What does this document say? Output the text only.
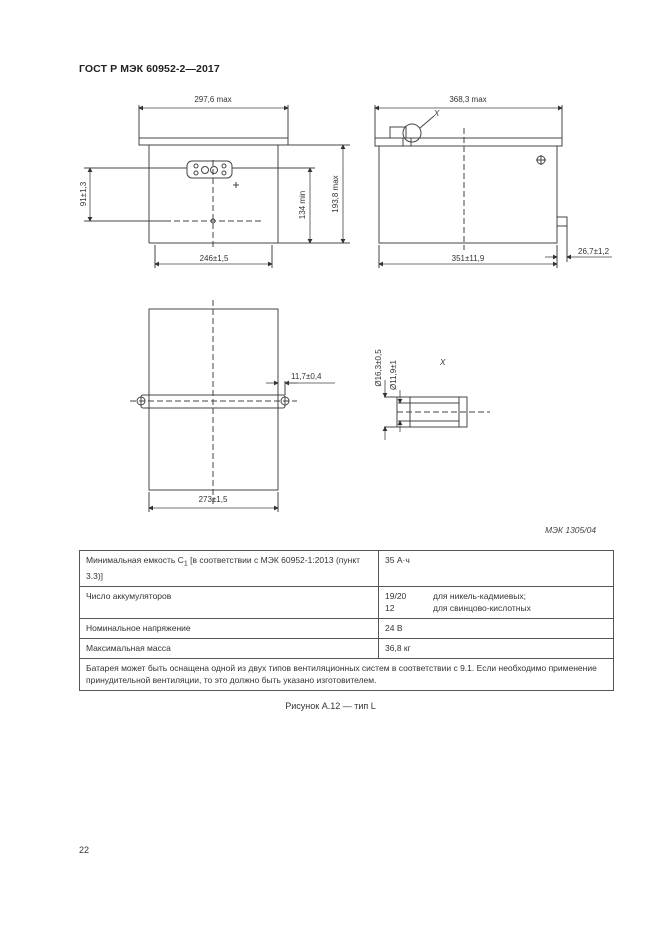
ГОСТ Р МЭК 60952-2—2017
297,6 max
246±1,5
91±1,3	134 min	193,8 max
368,3 max
X
351±11,9
26,7±1,2
11,7±0,4
273±1,5
X
Ø16,3±0,5 Ø11,9±1
МЭК 1305/04
Минимальная емкость $C_1$ [в соответствии с МЭК 60952-1:2013 (пункт 3.3)]	35 А·ч
Число аккумуляторов	19/20 для никель-кадмиевых;
12 для свинцово-кислотных

Номинальное напряжение	24 В
Максимальная масса	36,8 кг
Батарея может быть оснащена одной из двух типов вентиляционных систем в соответствии с 9.1. Если необходимо применение принудительной вентиляции, то это должно быть указано изготовителем.	
Рисунок А.12 — тип L
22
